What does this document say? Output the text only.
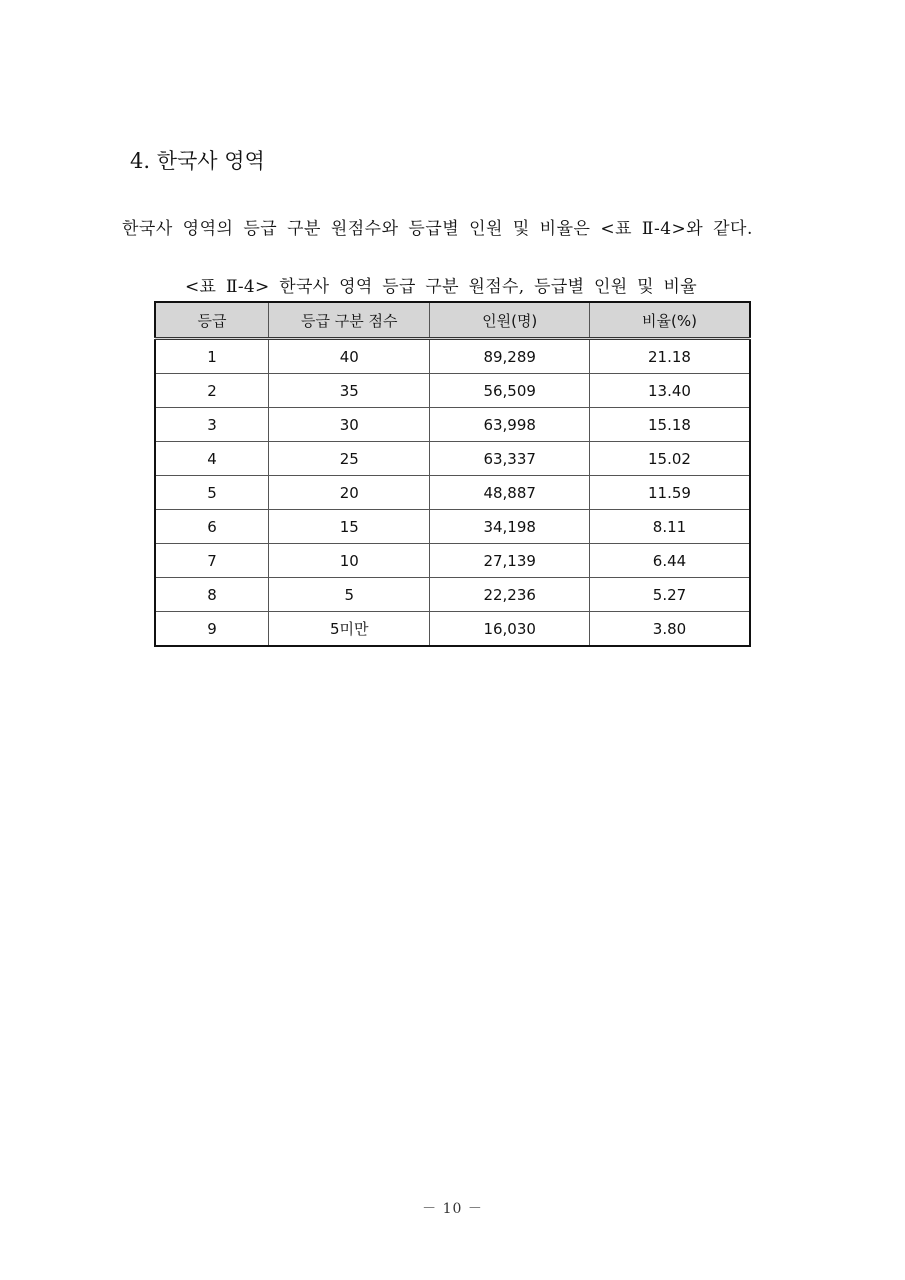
4. 한국사 영역
한국사 영역의 등급 구분 원점수와 등급별 인원 및 비율은 <표 Ⅱ-4>와 같다.
<표 Ⅱ-4> 한국사 영역 등급 구분 원점수, 등급별 인원 및 비율
등급	등급 구분 점수	인원(명)	비율(%)
1	40	89,289	21.18
2	35	56,509	13.40
3	30	63,998	15.18
4	25	63,337	15.02
5	20	48,887	11.59
6	15	34,198	8.11
7	10	27,139	6.44
8	5	22,236	5.27
9	5미만	16,030	3.80
－ 10 －
